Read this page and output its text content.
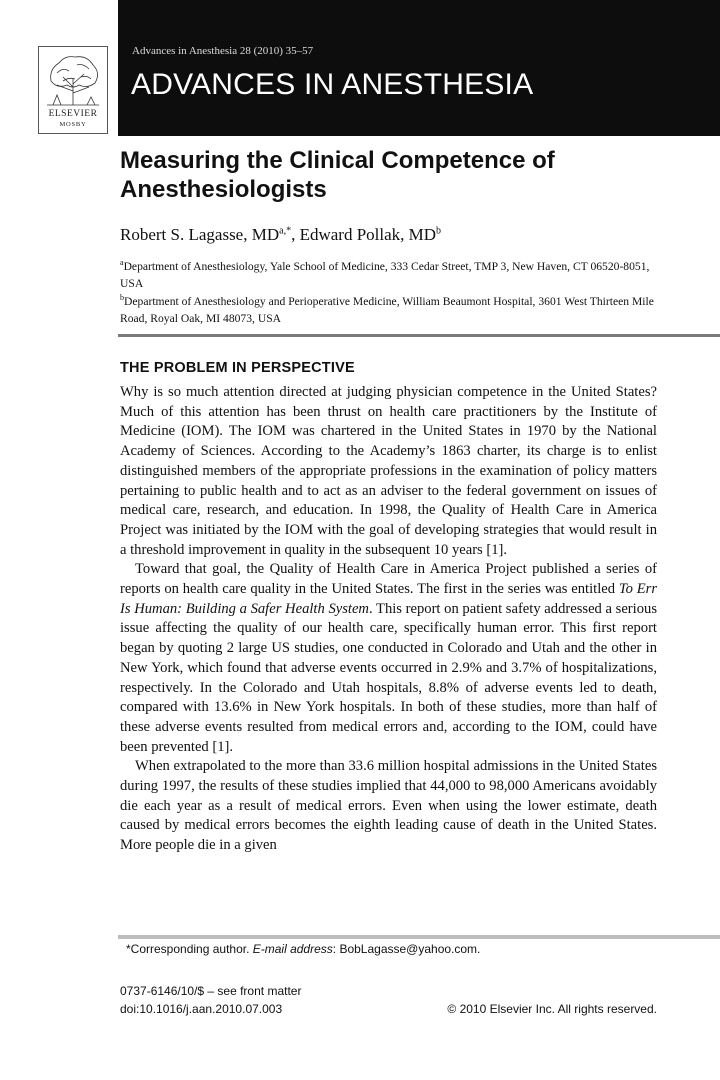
ELSEVIER
MOSBY
Advances in Anesthesia 28 (2010) 35–57
ADVANCES IN ANESTHESIA
Measuring the Clinical Competence of Anesthesiologists
Robert S. Lagasse, $MD^{a,*}$, Edward Pollak, $MD^b$
$^a$Department of Anesthesiology, Yale School of Medicine, 333 Cedar Street, TMP 3, New Haven, CT 06520-8051, USA
$^b$Department of Anesthesiology and Perioperative Medicine, William Beaumont Hospital, 3601 West Thirteen Mile Road, Royal Oak, MI 48073, USA
THE PROBLEM IN PERSPECTIVE

Why is so much attention directed at judging physician competence in the United States? Much of this attention has been thrust on health care practitioners by the Institute of Medicine (IOM). The IOM was chartered in the United States in 1970 by the National Academy of Sciences. According to the Academy’s 1863 charter, its charge is to enlist distinguished members of the appropriate professions in the examination of policy matters pertaining to public health and to act as an adviser to the federal government on issues of medical care, research, and education. In 1998, the Quality of Health Care in America Project was initiated by the IOM with the goal of developing strategies that would result in a threshold improvement in quality in the subsequent 10 years [1].

Toward that goal, the Quality of Health Care in America Project published a series of reports on health care quality in the United States. The first in the series was entitled To Err Is Human: Building a Safer Health System. This report on patient safety addressed a serious issue affecting the quality of our health care, specifically human error. This first report began by quoting 2 large US studies, one conducted in Colorado and Utah and the other in New York, which found that adverse events occurred in 2.9% and 3.7% of hospitalizations, respectively. In the Colorado and Utah hospitals, 8.8% of adverse events led to death, compared with 13.6% in New York hospitals. In both of these studies, more than half of these adverse events resulted from medical errors and, according to the IOM, could have been prevented [1].

When extrapolated to the more than 33.6 million hospital admissions in the United States during 1997, the results of these studies implied that 44,000 to 98,000 Americans avoidably die each year as a result of medical errors. Even when using the lower estimate, death caused by medical errors becomes the eighth leading cause of death in the United States. More people die in a given

*Corresponding author. E-mail address: BobLagasse@yahoo.com.
0737-6146/10/$ – see front matter
doi:10.1016/j.aan.2010.07.003	© 2010 Elsevier Inc. All rights reserved.
